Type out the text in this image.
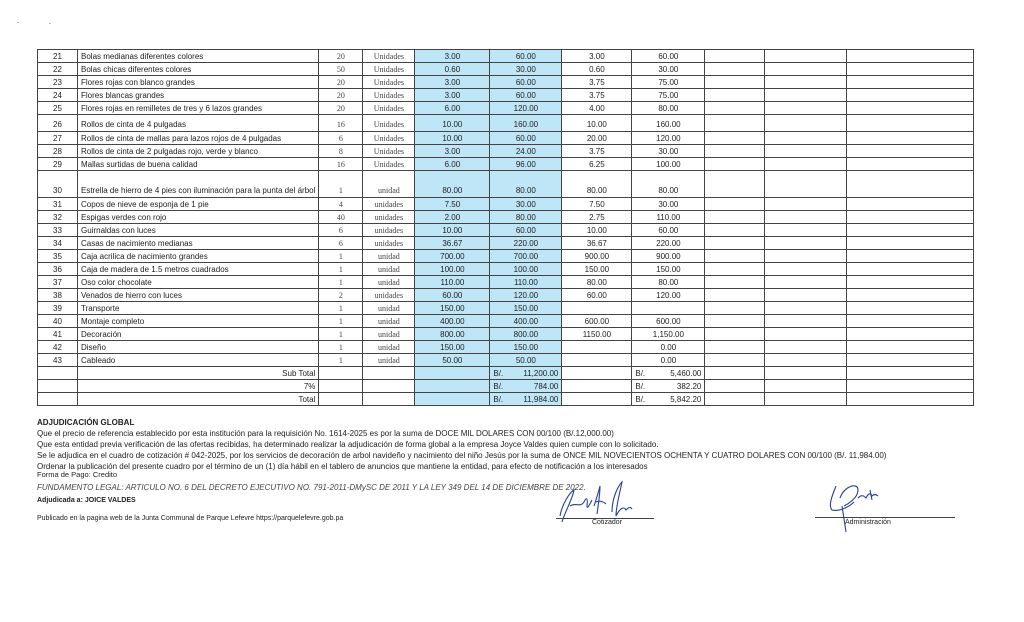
21	Bolas medianas diferentes colores	20	Unidades	3.00	60.00	3.00	60.00			
22	Bolas chicas diferentes colores	50	Unidades	0.60	30.00	0.60	30.00			
23	Flores rojas con blanco grandes	20	Unidades	3.00	60.00	3.75	75.00			
24	Flores blancas grandes	20	Unidades	3.00	60.00	3.75	75.00			
25	Flores rojas en remilletes de tres y 6 lazos grandes	20	Unidades	6.00	120.00	4.00	80.00			
26	Rollos de cinta de 4 pulgadas	16	Unidades	10.00	160.00	10.00	160.00			
27	Rollos de cinta de mallas para lazos rojos de 4 pulgadas	6	Unidades	10.00	60.00	20.00	120.00			
28	Rollos de cinta de 2 pulgadas rojo, verde y blanco	8	Unidades	3.00	24.00	3.75	30.00			
29	Mallas surtidas de buena calidad	16	Unidades	6.00	96.00	6.25	100.00			
30	Estrella de hierro de 4 pies con iluminación para la punta del árbol	1	unidad	80.00	80.00	80.00	80.00			
31	Copos de nieve de esponja de 1 pie	4	unidades	7.50	30.00	7.50	30.00			
32	Espigas verdes con rojo	40	unidades	2.00	80.00	2.75	110.00			
33	Guirnaldas con luces	6	unidades	10.00	60.00	10.00	60.00			
34	Casas de nacimiento medianas	6	unidades	36.67	220.00	36.67	220.00			
35	Caja acrilica de nacimiento grandes	1	unidad	700.00	700.00	900.00	900.00			
36	Caja de madera de 1.5 metros cuadrados	1	unidad	100.00	100.00	150.00	150.00			
37	Oso color chocolate	1	unidad	110.00	110.00	80.00	80.00			
38	Venados de hierro con luces	2	unidades	60.00	120.00	60.00	120.00			
39	Transporte	1	unidad	150.00	150.00					
40	Montaje completo	1	unidad	400.00	400.00	600.00	600.00			
41	Decoración	1	unidad	800.00	800.00	1150.00	1,150.00			
42	Diseño	1	unidad	150.00	150.00		0.00			
43	Cableado	1	unidad	50.00	50.00		0.00			
	Sub Total				B/. 11,200.00		B/. 5,460.00			

	7%				B/. 784.00		B/. 382.20			

	Total				B/. 11,984.00		B/. 5,842.20			

ADJUDICACIÓN GLOBAL
Que el precio de referencia establecido por esta institución para la requisición No. 1614-2025 es por la suma de DOCE MIL DOLARES CON 00/100 (B/.12,000.00)
Que esta entidad previa verificación de las ofertas recibidas, ha determinado realizar la adjudicación de forma global a la empresa Joyce Valdes quien cumple con lo solicitado.
Se le adjudica en el cuadro de cotización # 042-2025, por los servicios de decoración de arbol navideño y nacimiento del niño Jesús por la suma de ONCE MIL NOVECIENTOS OCHENTA Y CUATRO DOLARES CON 00/100 (B/. 11,984.00)
Ordenar la publicación del presente cuadro por el término de un (1) día hábil en el tablero de anuncios que mantiene la entidad, para efecto de notificación a los interesados
Forma de Pago: Credito
FUNDAMENTO LEGAL: ARTICULO NO. 6 DEL DECRETO EJECUTIVO NO. 791-2011-DMySC DE 2011 Y LA LEY 349 DEL 14 DE DICIEMBRE DE 2022.
Adjudicada a: JOICE VALDES
Publicado en la pagina web de la Junta Communal de Parque Lefevre https://parquelefevre.gob.pa
Cotizador	Administración
